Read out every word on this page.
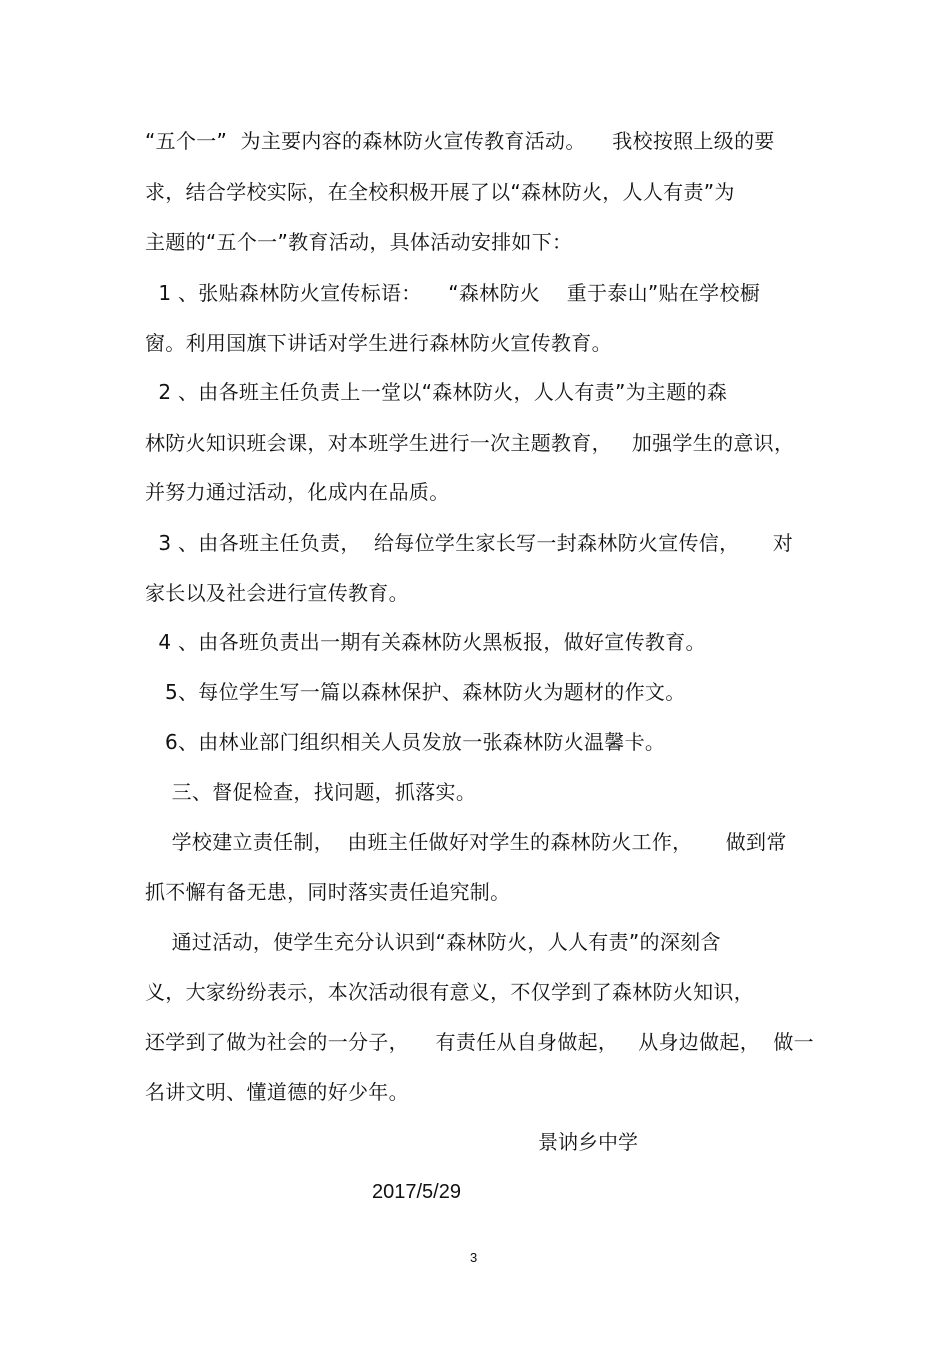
“五个一”  为主要内容的森林防火宣传教育活动。    我校按照上级的要
求，结合学校实际，在全校积极开展了以“森林防火，人人有责”为
主题的“五个一”教育活动，具体活动安排如下：
1 、张贴森林防火宣传标语：    “森林防火    重于泰山”贴在学校橱
窗。利用国旗下讲话对学生进行森林防火宣传教育。
2 、由各班主任负责上一堂以“森林防火，人人有责”为主题的森
林防火知识班会课，对本班学生进行一次主题教育，   加强学生的意识，
并努力通过活动，化成内在品质。
3 、由各班主任负责，  给每位学生家长写一封森林防火宣传信，     对
家长以及社会进行宣传教育。
4 、由各班负责出一期有关森林防火黑板报，做好宣传教育。
5、每位学生写一篇以森林保护、森林防火为题材的作文。
6、由林业部门组织相关人员发放一张森林防火温馨卡。
三、督促检查，找问题，抓落实。
学校建立责任制，  由班主任做好对学生的森林防火工作，     做到常
抓不懈有备无患，同时落实责任追究制。
通过活动，使学生充分认识到“森林防火，人人有责”的深刻含
义，大家纷纷表示，本次活动很有意义，不仅学到了森林防火知识，
还学到了做为社会的一分子，    有责任从自身做起，   从身边做起，  做一
名讲文明、懂道德的好少年。
景讷乡中学
2017/5/29
3
